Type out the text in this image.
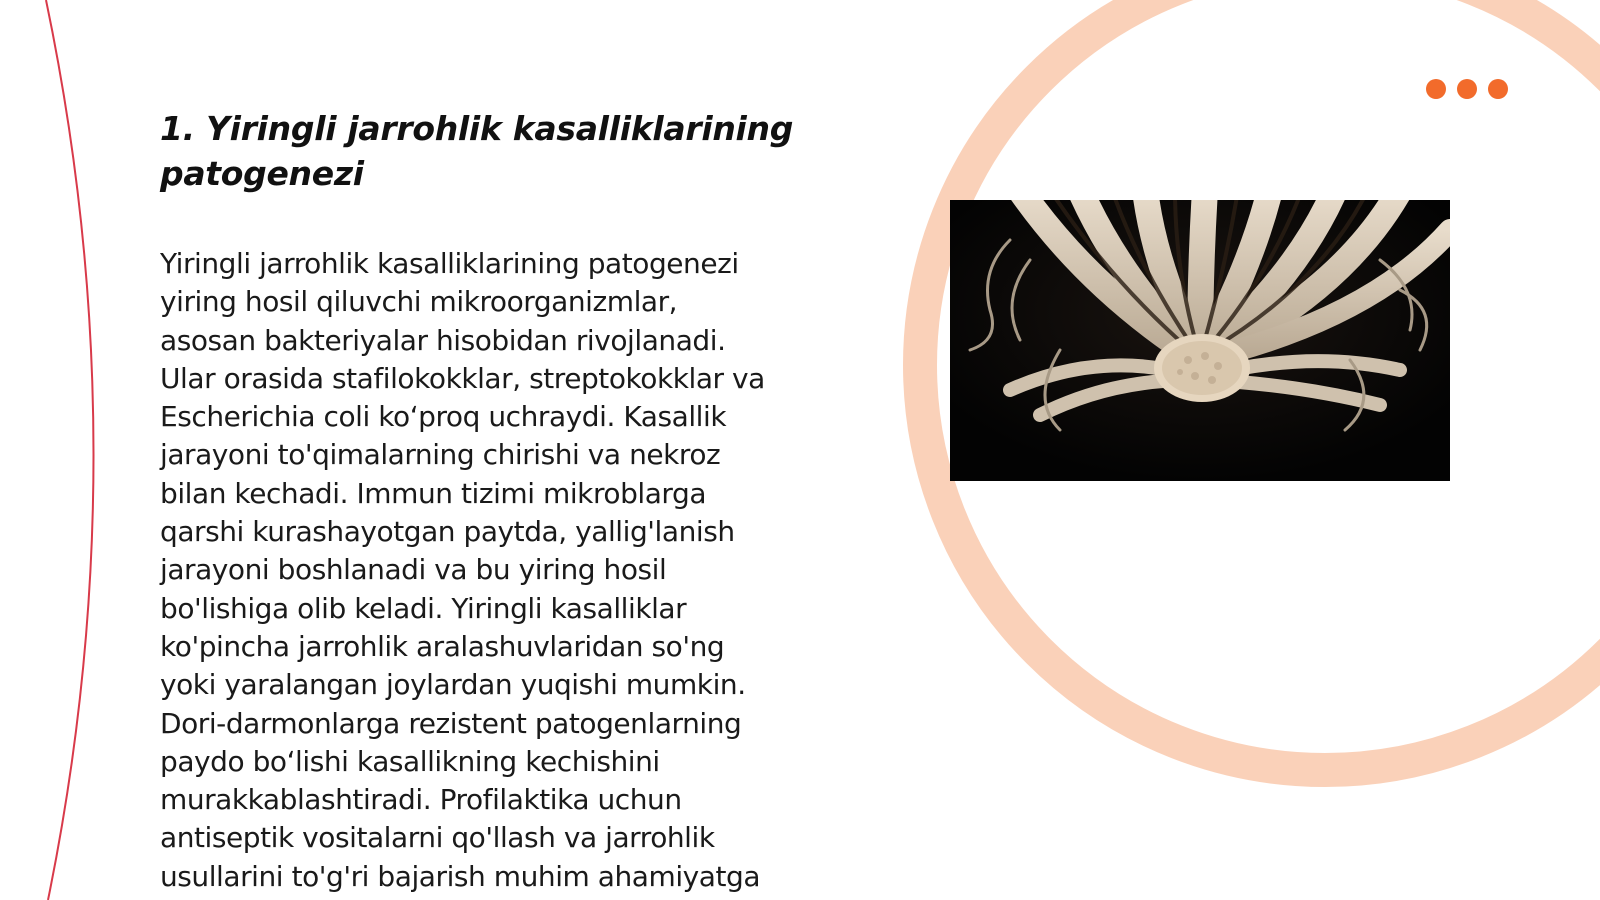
1. Yiringli jarrohlik kasalliklarining patogenezi

Yiringli jarrohlik kasalliklarining patogenezi
yiring hosil qiluvchi mikroorganizmlar,
asosan bakteriyalar hisobidan rivojlanadi.
Ular orasida stafilokokklar, streptokokklar va
Escherichia coli koʻproq uchraydi. Kasallik
jarayoni to'qimalarning chirishi va nekroz
bilan kechadi. Immun tizimi mikroblarga
qarshi kurashayotgan paytda, yallig'lanish
jarayoni boshlanadi va bu yiring hosil
bo'lishiga olib keladi. Yiringli kasalliklar
ko'pincha jarrohlik aralashuvlaridan so'ng
yoki yaralangan joylardan yuqishi mumkin.
Dori-darmonlarga rezistent patogenlarning
paydo boʻlishi kasallikning kechishini
murakkablashtiradi. Profilaktika uchun
antiseptik vositalarni qo'llash va jarrohlik
usullarini to'g'ri bajarish muhim ahamiyatga
